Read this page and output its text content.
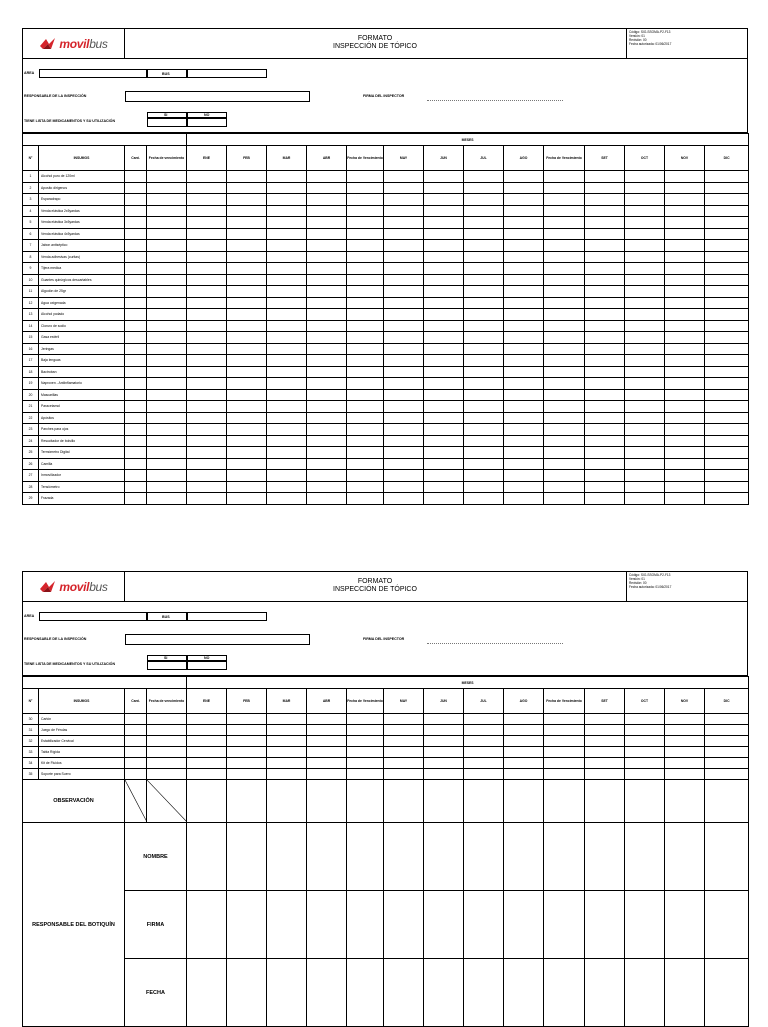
movilbus	FORMATO
INSPECCIÓN DE TÓPICO
Código: SIG-SSOMA-P2-F13
Versión: 01
Revisión: 00
Fecha autorizada: 01/06/2017
AREA	BUS
RESPONSABLE DE LA INSPECCIÓN	FIRMA DEL INSPECTOR
TIENE LISTA DE MEDICAMENTOS Y SU UTILIZACIÓN
SI	NO
				MESES													
N°	INSUMOS	Cant.	Fecha de vencimiento	ENE	FEB	MAR	ABR	Fecha de Vencimiento	MAY	JUN	JUL	AGO	Fecha de Vencimiento	SET	OCT	NOV	DIC
1	Alcohol puro de 120ml																
2	Aposito dirigenos																
3	Esparadrapo																
4	Venda elástica 2x5yardas																
5	Venda elástica 3x5yardas																
6	Venda elástica 4x5yardas																
7	Jabon antiséptico																
8	Venda adhesivas (curitas)																
9	Tijera medica																
10	Guantes quirúrgicos descartables																
11	Algodón de 25gr																
12	Agua oxigenada																
13	Alcohol yodado																
14	Cloruro de sodio																
15	Gasa estéril																
16	Jeringas																
17	Baja lenguas																
18	Bactroban																
19	Naproxen - Antiinflamatorio																
20	Mascarillas																
21	Paracetamol																
22	Apósitos																
23	Parches para ojos																
24	Resucitador de bolsillo																
25	Termómetro Digital																
26	Camilla																
27	Inmovilizador																
28	Tensiómetro																
29	Frazada																
movilbus	FORMATO
INSPECCIÓN DE TÓPICO
Código: SIG-SSOMA-P2-F13
Versión: 01
Revisión: 00
Fecha autorizada: 01/06/2017
AREA	BUS
RESPONSABLE DE LA INSPECCIÓN	FIRMA DEL INSPECTOR
TIENE LISTA DE MEDICAMENTOS Y SU UTILIZACIÓN
SI	NO
				MESES													
N°	INSUMOS	Cant.	Fecha de vencimiento	ENE	FEB	MAR	ABR	Fecha de Vencimiento	MAY	JUN	JUL	AGO	Fecha de Vencimiento	SET	OCT	NOV	DIC
30	Cartón																
31	Juego de Férulas																
32	Estabilizador Cervical																
33	Tabla Rígida																
34	Kit de Fluidos																
35	Soporte para Suero																
OBSERVACIÓN	

RESPONSABLE DEL BOTIQUÍN		NOMBRE															
		FIRMA															
		FECHA															
